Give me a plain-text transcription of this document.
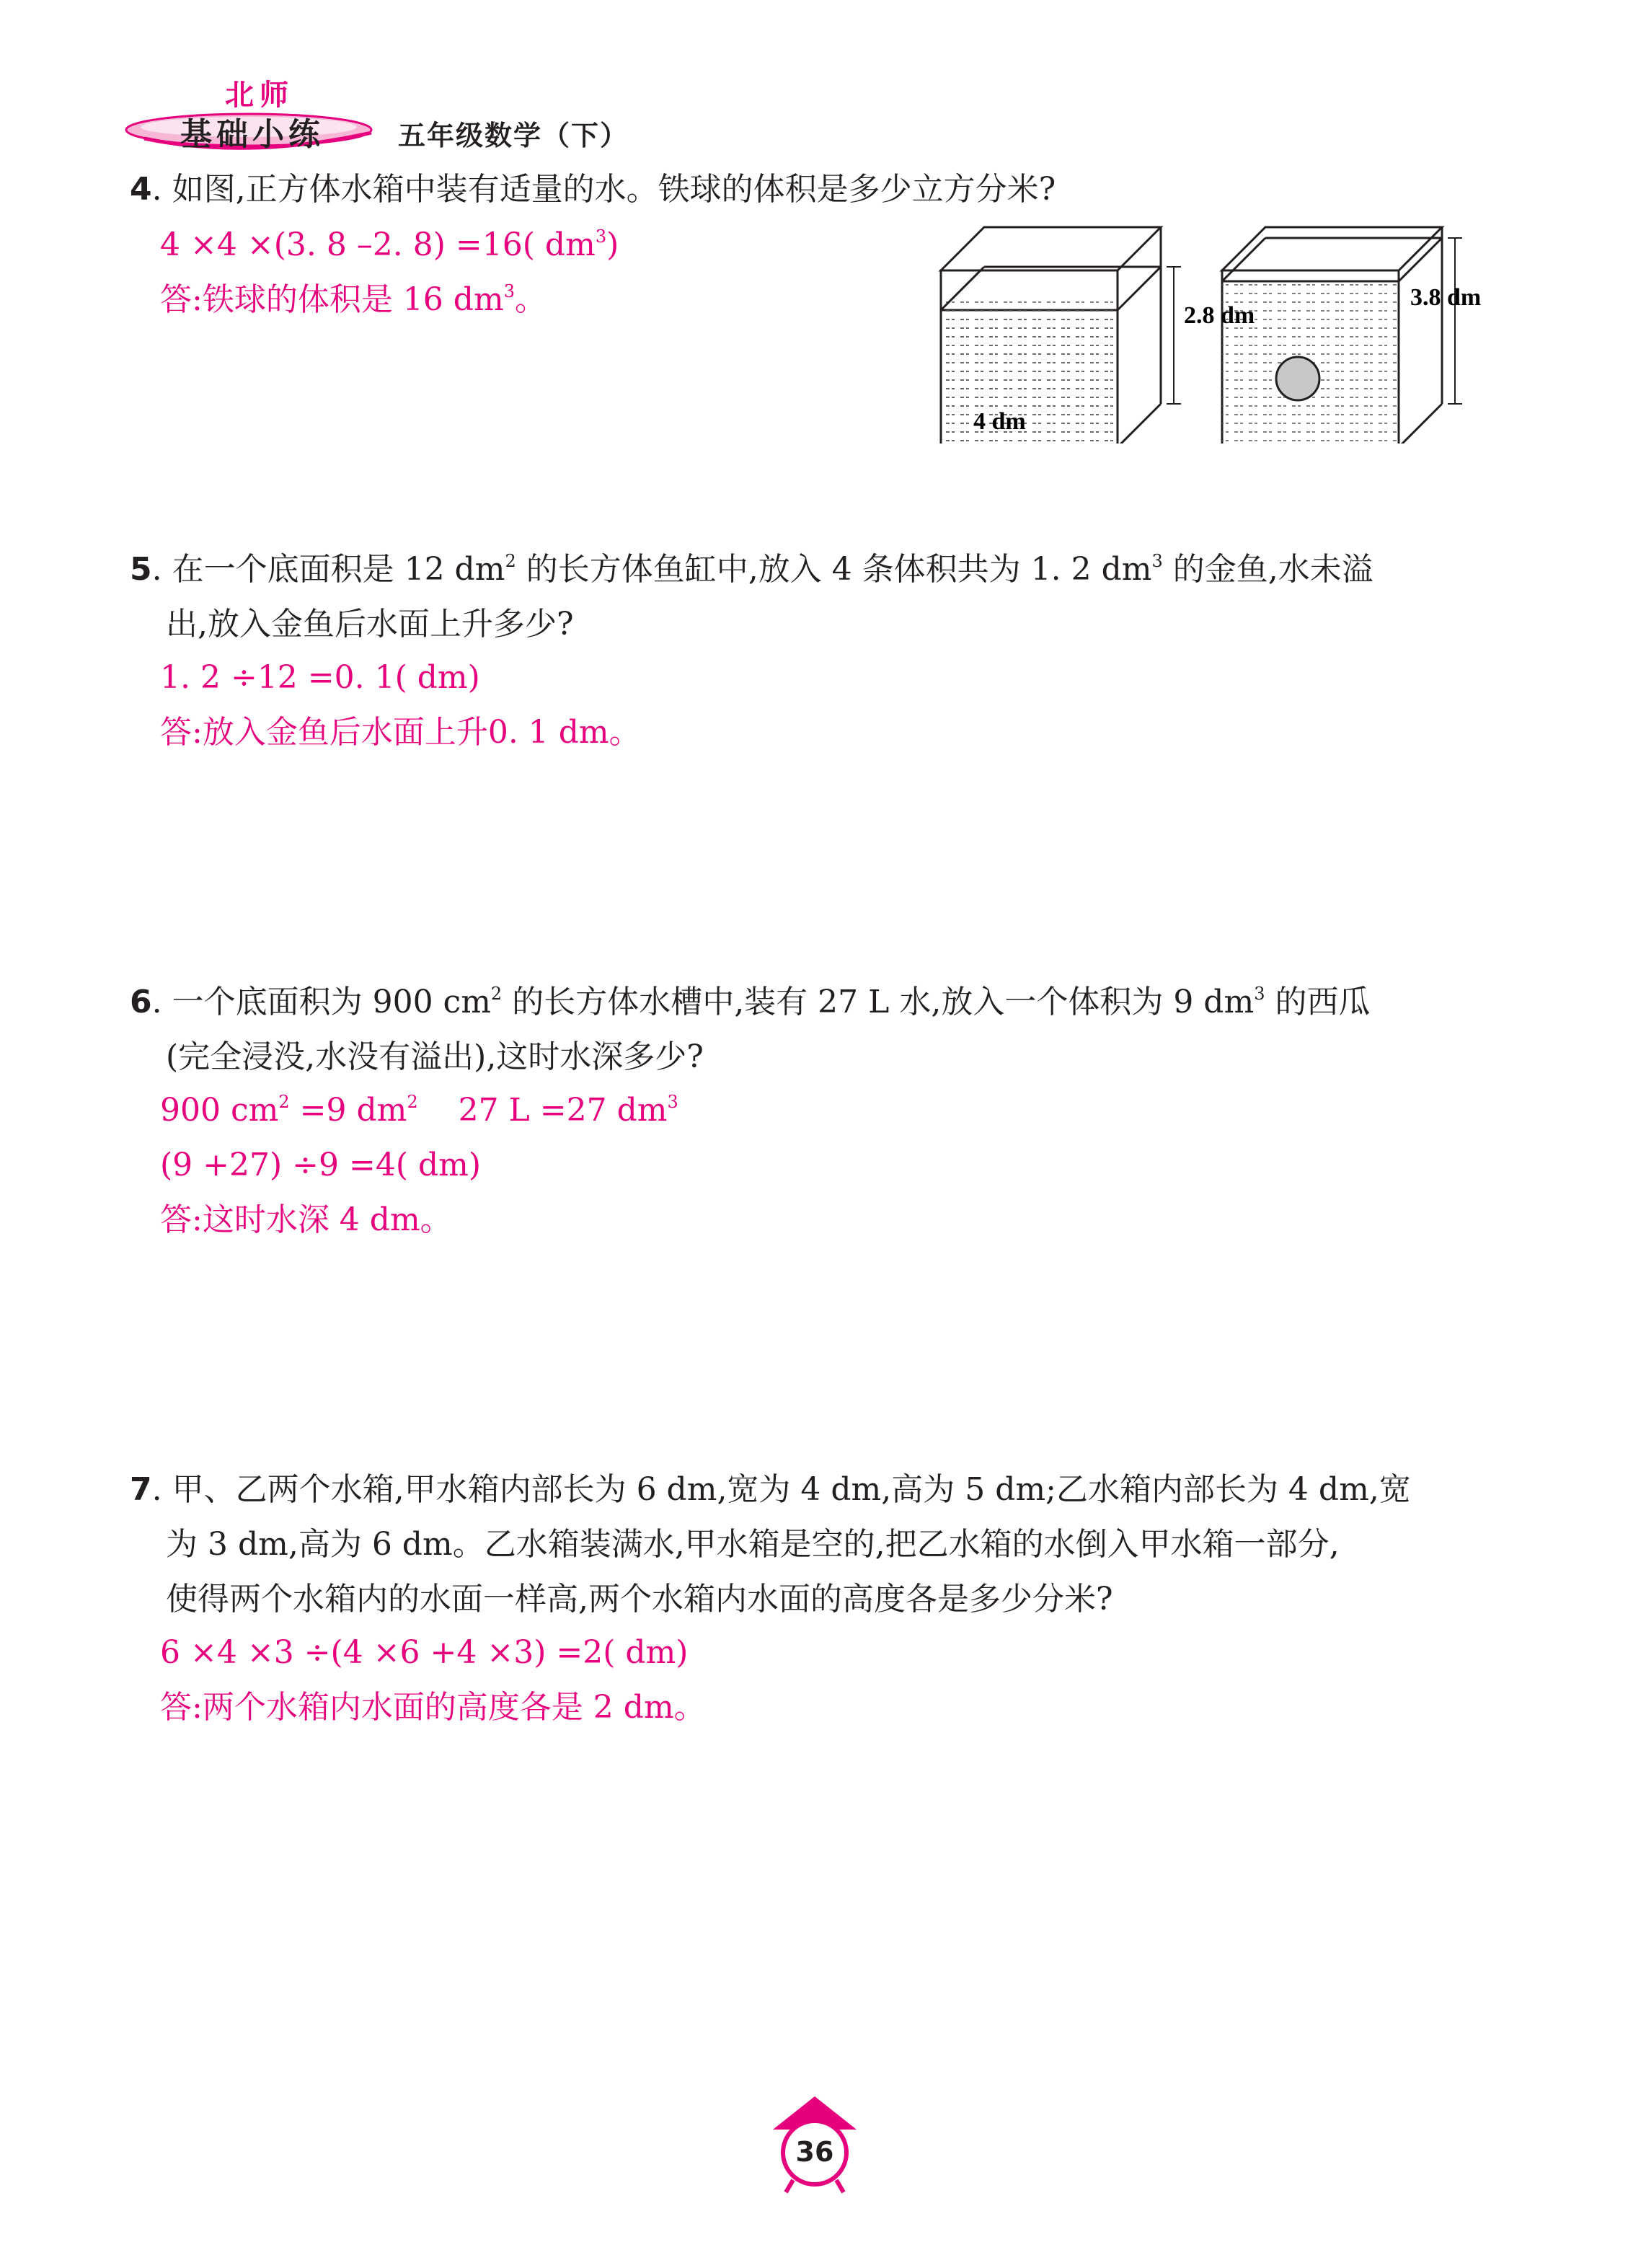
北师
基础小练	五年级数学（下）
4. 如图,正方体水箱中装有适量的水。铁球的体积是多少立方分米?
4 ×4 ×(3. 8 –2. 8) =16( $dm^3$)
答:铁球的体积是 16 $dm^3$。	2.8 dm
3.8 dm
4 dm
5. 在一个底面积是 12 $dm^2$ 的长方体鱼缸中,放入 4 条体积共为 1. 2 $dm^3$ 的金鱼,水未溢
出,放入金鱼后水面上升多少?
1. 2 ÷12 =0. 1( dm)
答:放入金鱼后水面上升0. 1 dm。
6. 一个底面积为 900 $cm^2$ 的长方体水槽中,装有 27 L 水,放入一个体积为 9 $dm^3$ 的西瓜
(完全浸没,水没有溢出),这时水深多少?
900 $cm^2 =9$ $dm^2$    27 L =27 $dm^3$
(9 +27) ÷9 =4( dm)
答:这时水深 4 dm。
7. 甲、乙两个水箱,甲水箱内部长为 6 dm,宽为 4 dm,高为 5 dm;乙水箱内部长为 4 dm,宽
为 3 dm,高为 6 dm。乙水箱装满水,甲水箱是空的,把乙水箱的水倒入甲水箱一部分,
使得两个水箱内的水面一样高,两个水箱内水面的高度各是多少分米?
6 ×4 ×3 ÷(4 ×6 +4 ×3) =2( dm)
答:两个水箱内水面的高度各是 2 dm。
36
